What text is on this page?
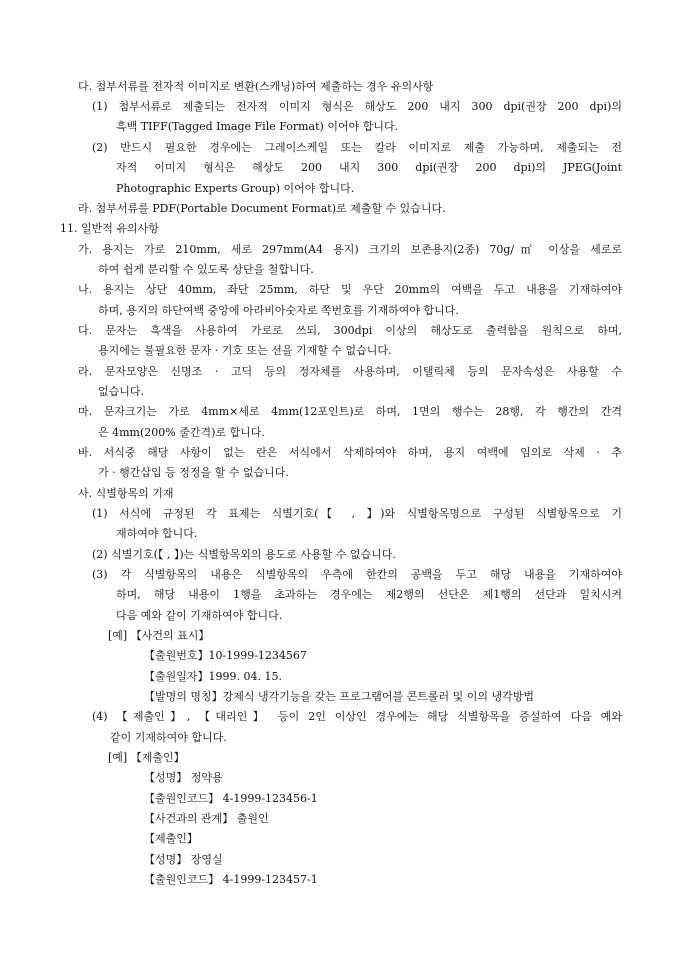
다. 첨부서류를 전자적 이미지로 변환(스캐닝)하여 제출하는 경우 유의사항
(1) 첨부서류로 제출되는 전자적 이미지 형식은 해상도 200 내지 300 dpi(권장 200 dpi)의
흑백 TIFF(Tagged Image File Format) 이어야 합니다.
(2) 반드시 필요한 경우에는 그레이스케일 또는 칼라 이미지로 제출 가능하며, 제출되는 전
자적 이미지 형식은 해상도 200 내지 300 dpi(권장 200 dpi)의 JPEG(Joint
Photographic Experts Group) 이어야 합니다.
라. 첨부서류를 PDF(Portable Document Format)로 제출할 수 있습니다.
11. 일반적 유의사항
가. 용지는 가로 210mm, 세로 297mm(A4 용지) 크기의 보존용지(2종) 70g/㎡ 이상을 세로로
하여 쉽게 분리할 수 있도록 상단을 철합니다.
나. 용지는 상단 40mm, 좌단 25mm, 하단 및 우단 20mm의 여백을 두고 내용을 기재하여야
하며, 용지의 하단여백 중앙에 아라비아숫자로 쪽번호를 기재하여야 합니다.
다. 문자는 흑색을 사용하여 가로로 쓰되, 300dpi 이상의 해상도로 출력함을 원칙으로 하며,
용지에는 불필요한 문자 · 기호 또는 선을 기재할 수 없습니다.
라. 문자모양은 신명조 · 고딕 등의 정자체를 사용하며, 이탤릭체 등의 문자속성은 사용할 수
없습니다.
마. 문자크기는 가로 4mm×세로 4mm(12포인트)로 하며, 1면의 행수는 28행, 각 행간의 간격
은 4mm(200% 줄간격)로 합니다.
바. 서식중 해당 사항이 없는 란은 서식에서 삭제하여야 하며, 용지 여백에 임의로 삭제 · 추
가 · 행간삽입 등 정정을 할 수 없습니다.
사. 식별항목의 기재
(1) 서식에 규정된 각 표제는 식별기호(【 , 】)와 식별항목명으로 구성된 식별항목으로 기
재하여야 합니다.
(2) 식별기호(【 , 】)는 식별항목외의 용도로 사용할 수 없습니다.
(3) 각 식별항목의 내용은 식별항목의 우측에 한칸의 공백을 두고 해당 내용을 기재하여야
하며, 해당 내용이 1행을 초과하는 경우에는 제2행의 선단은 제1행의 선단과 일치시켜
다음 예와 같이 기재하여야 합니다.
[예] 【사건의 표시】
【출원번호】10-1999-1234567
【출원일자】1999. 04. 15.
【발명의 명칭】강제식 냉각기능을 갖는 프로그램어블 콘트롤러 및 이의 냉각방법
(4) 【제출인】, 【대리인】 등이 2인 이상인 경우에는 해당 식별항목을 증설하여 다음 예와
같이 기재하여야 합니다.
[예] 【제출인】
【성명】 정약용
【출원인코드】 4-1999-123456-1
【사건과의 관계】 출원인
【제출인】
【성명】 장영실
【출원인코드】 4-1999-123457-1
